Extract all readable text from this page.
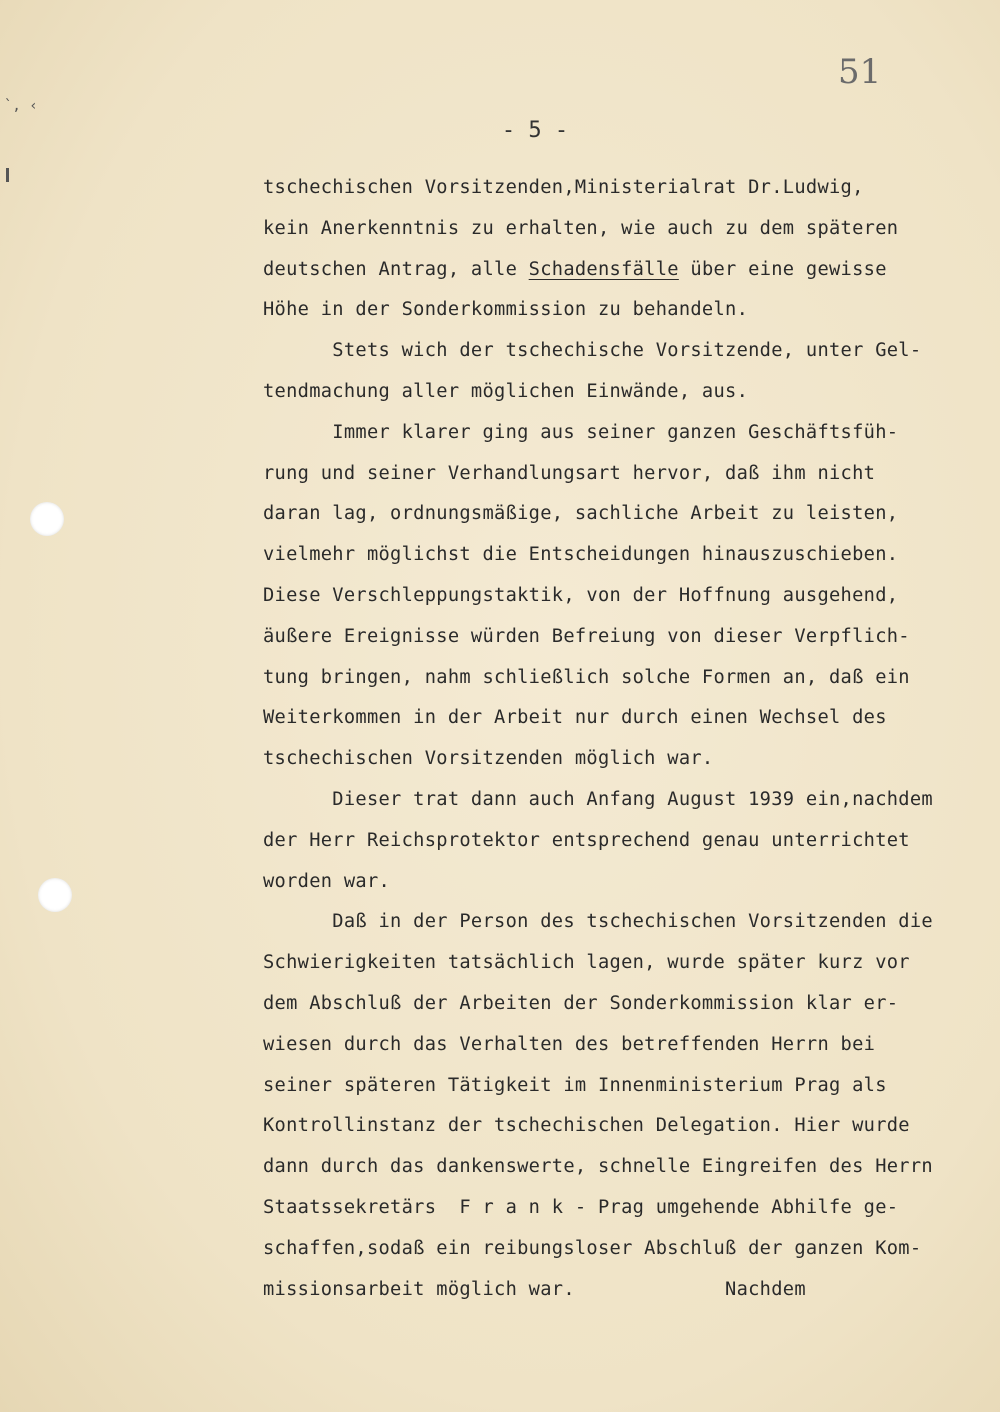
`, ‹
51
- 5 -
tschechischen Vorsitzenden,Ministerialrat Dr.Ludwig,
kein Anerkenntnis zu erhalten, wie auch zu dem späteren
deutschen Antrag, alle Schadensfälle über eine gewisse
Höhe in der Sonderkommission zu behandeln.
Stets wich der tschechische Vorsitzende, unter Gel-
tendmachung aller möglichen Einwände, aus.
Immer klarer ging aus seiner ganzen Geschäftsfüh-
rung und seiner Verhandlungsart hervor, daß ihm nicht
daran lag, ordnungsmäßige, sachliche Arbeit zu leisten,
vielmehr möglichst die Entscheidungen hinauszuschieben.
Diese Verschleppungstaktik, von der Hoffnung ausgehend,
äußere Ereignisse würden Befreiung von dieser Verpflich-
tung bringen, nahm schließlich solche Formen an, daß ein
Weiterkommen in der Arbeit nur durch einen Wechsel des
tschechischen Vorsitzenden möglich war.
Dieser trat dann auch Anfang August 1939 ein,nachdem
der Herr Reichsprotektor entsprechend genau unterrichtet
worden war.
Daß in der Person des tschechischen Vorsitzenden die
Schwierigkeiten tatsächlich lagen, wurde später kurz vor
dem Abschluß der Arbeiten der Sonderkommission klar er-
wiesen durch das Verhalten des betreffenden Herrn bei
seiner späteren Tätigkeit im Innenministerium Prag als
Kontrollinstanz der tschechischen Delegation. Hier wurde
dann durch das dankenswerte, schnelle Eingreifen des Herrn
Staatssekretärs  F r a n k - Prag umgehende Abhilfe ge-
schaffen,sodaß ein reibungsloser Abschluß der ganzen Kom-
missionsarbeit möglich war.             Nachdem
